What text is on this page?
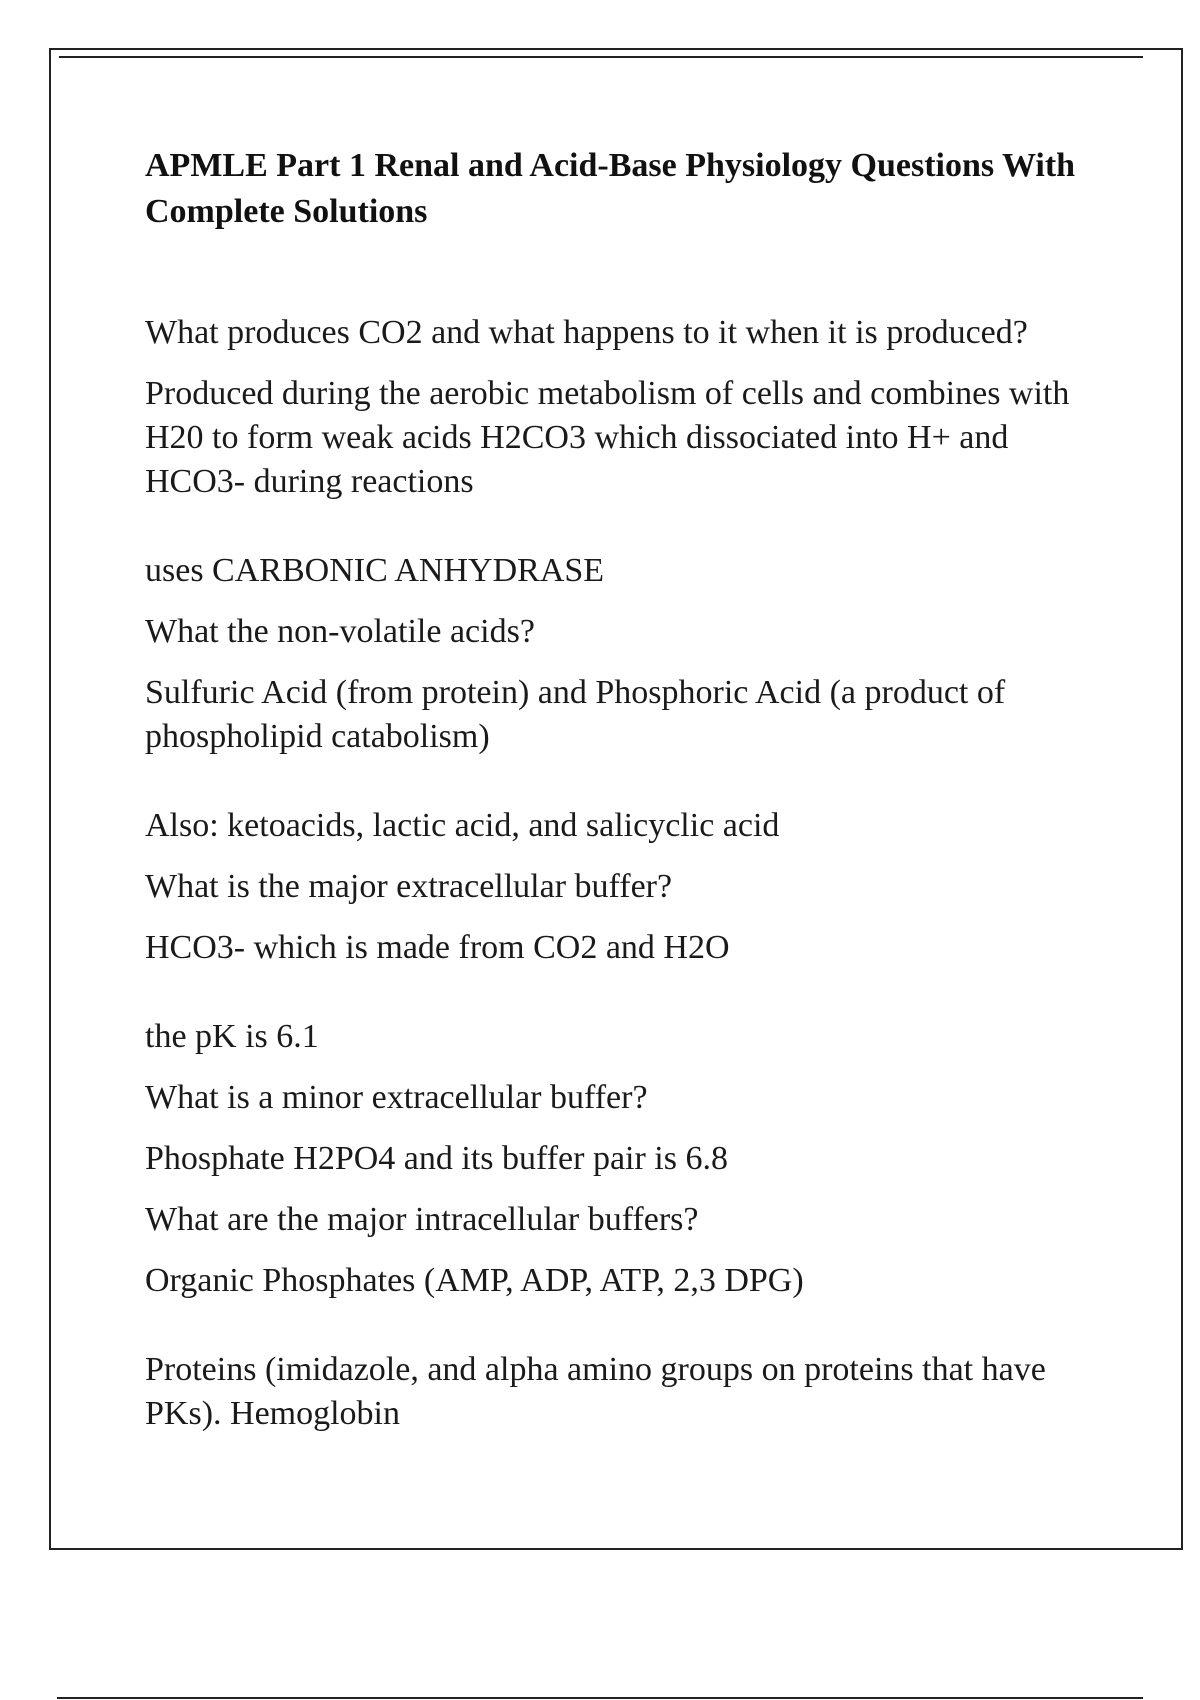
APMLE Part 1 Renal and Acid-Base Physiology Questions With Complete Solutions

What produces CO2 and what happens to it when it is produced?

Produced during the aerobic metabolism of cells and combines with H20 to form weak acids H2CO3 which dissociated into H+ and HCO3- during reactions

uses CARBONIC ANHYDRASE

What the non-volatile acids?

Sulfuric Acid (from protein) and Phosphoric Acid (a product of phospholipid catabolism)

Also: ketoacids, lactic acid, and salicyclic acid

What is the major extracellular buffer?

HCO3- which is made from CO2 and H2O

the pK is 6.1

What is a minor extracellular buffer?

Phosphate H2PO4 and its buffer pair is 6.8

What are the major intracellular buffers?

Organic Phosphates (AMP, ADP, ATP, 2,3 DPG)

Proteins (imidazole, and alpha amino groups on proteins that have PKs). Hemoglobin
